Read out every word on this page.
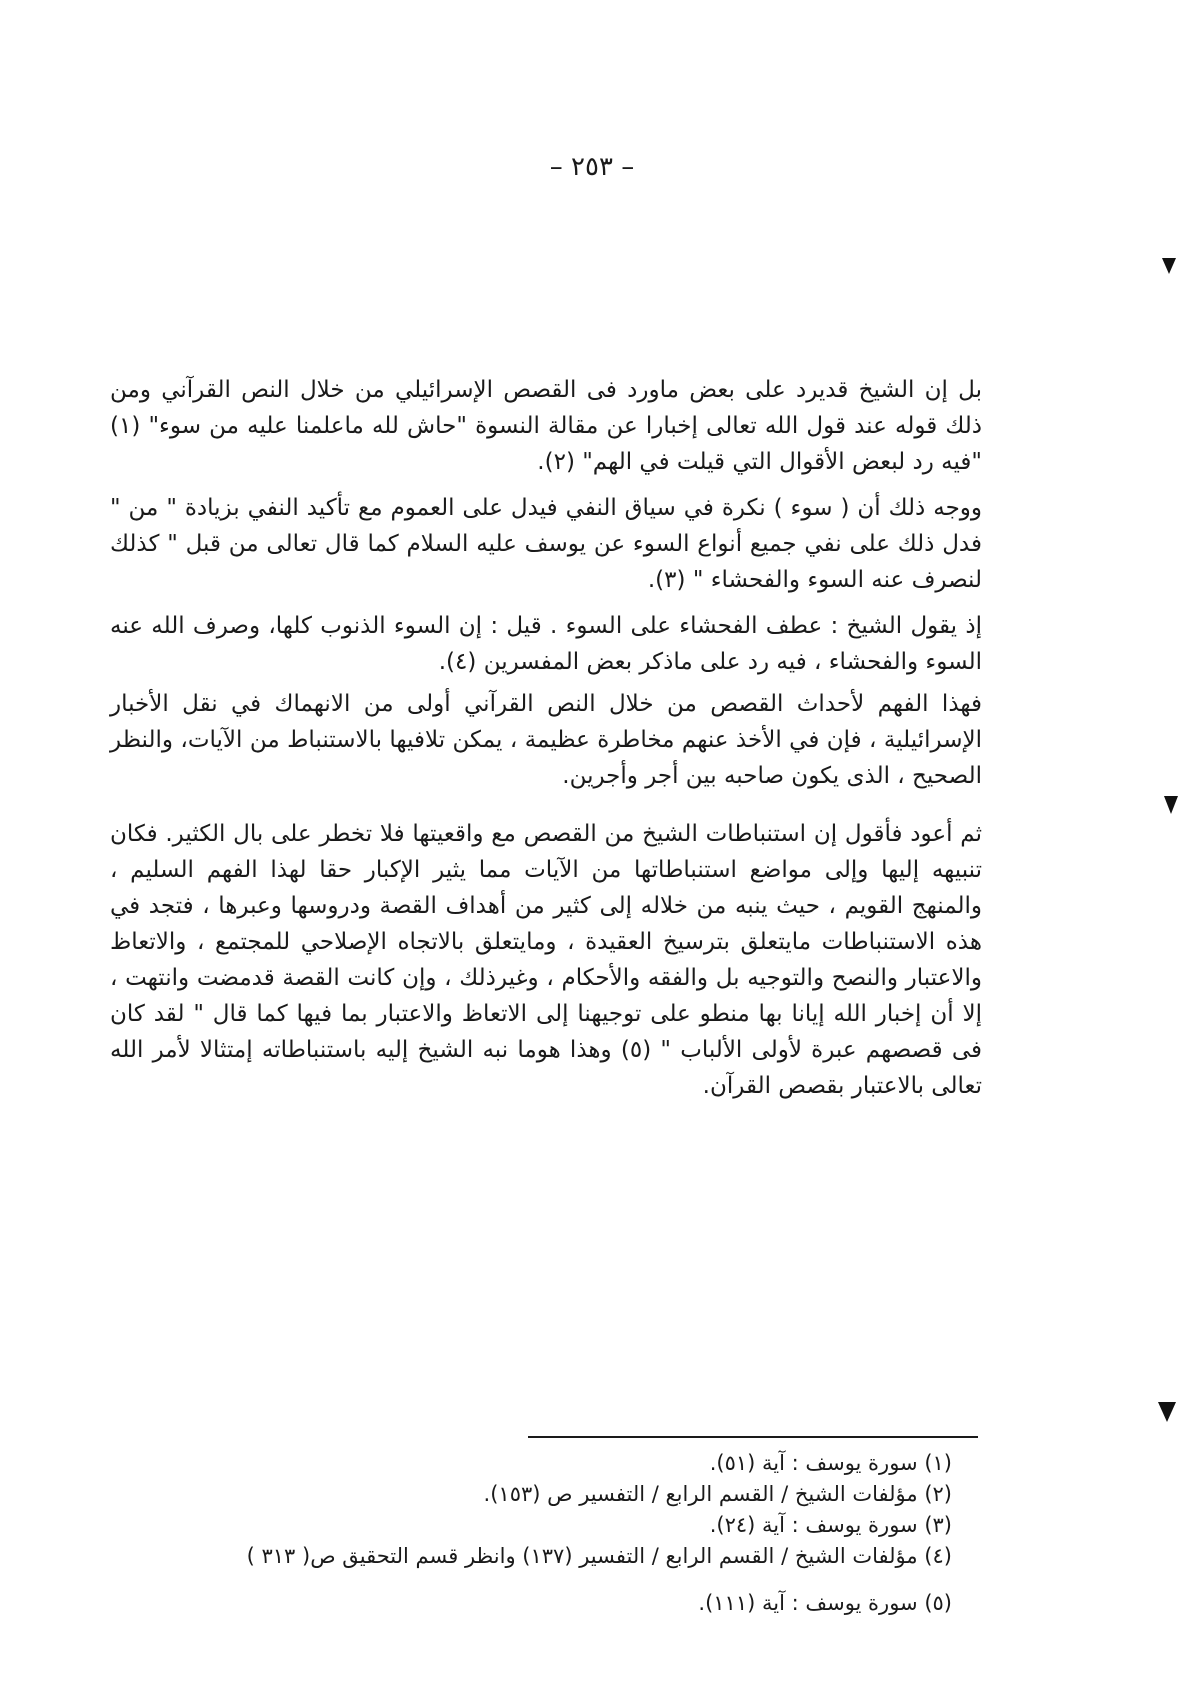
– ٢٥٣ –

بل إن الشيخ قديرد على بعض ماورد فى القصص الإسرائيلي من خلال النص القرآني ومن ذلك قوله عند قول الله تعالى إخبارا عن مقالة النسوة "حاش لله ماعلمنا عليه من سوء" (١) "فيه رد لبعض الأقوال التي قيلت في الهم" (٢).

ووجه ذلك أن ( سوء ) نكرة في سياق النفي فيدل على العموم مع تأكيد النفي بزيادة " من " فدل ذلك على نفي جميع أنواع السوء عن يوسف عليه السلام كما قال تعالى من قبل " كذلك لنصرف عنه السوء والفحشاء " (٣).

إذ يقول الشيخ : عطف الفحشاء على السوء . قيل : إن السوء الذنوب كلها، وصرف الله عنه السوء والفحشاء ، فيه رد على ماذكر بعض المفسرين (٤).

فهذا الفهم لأحداث القصص من خلال النص القرآني أولى من الانهماك في نقل الأخبار الإسرائيلية ، فإن في الأخذ عنهم مخاطرة عظيمة ، يمكن تلافيها بالاستنباط من الآيات، والنظر الصحيح ، الذى يكون صاحبه بين أجر وأجرين.

ثم أعود فأقول إن استنباطات الشيخ من القصص مع واقعيتها فلا تخطر على بال الكثير. فكان تنبيهه إليها وإلى مواضع استنباطاتها من الآيات مما يثير الإكبار حقا لهذا الفهم السليم ، والمنهج القويم ، حيث ينبه من خلاله إلى كثير من أهداف القصة ودروسها وعبرها ، فتجد في هذه الاستنباطات مايتعلق بترسيخ العقيدة ، ومايتعلق بالاتجاه الإصلاحي للمجتمع ، والاتعاظ والاعتبار والنصح والتوجيه بل والفقه والأحكام ، وغيرذلك ، وإن كانت القصة قدمضت وانتهت ، إلا أن إخبار الله إيانا بها منطو على توجيهنا إلى الاتعاظ والاعتبار بما فيها كما قال " لقد كان فى قصصهم عبرة لأولى الألباب " (٥) وهذا هوما نبه الشيخ إليه باستنباطاته إمتثالا لأمر الله تعالى بالاعتبار بقصص القرآن.

(١) سورة يوسف : آية (٥١).
(٢) مؤلفات الشيخ / القسم الرابع / التفسير ص (١٥٣).
(٣) سورة يوسف : آية (٢٤).
(٤) مؤلفات الشيخ / القسم الرابع / التفسير (١٣٧) وانظر قسم التحقيق ص( ٣١٣ )
(٥) سورة يوسف : آية (١١١).
